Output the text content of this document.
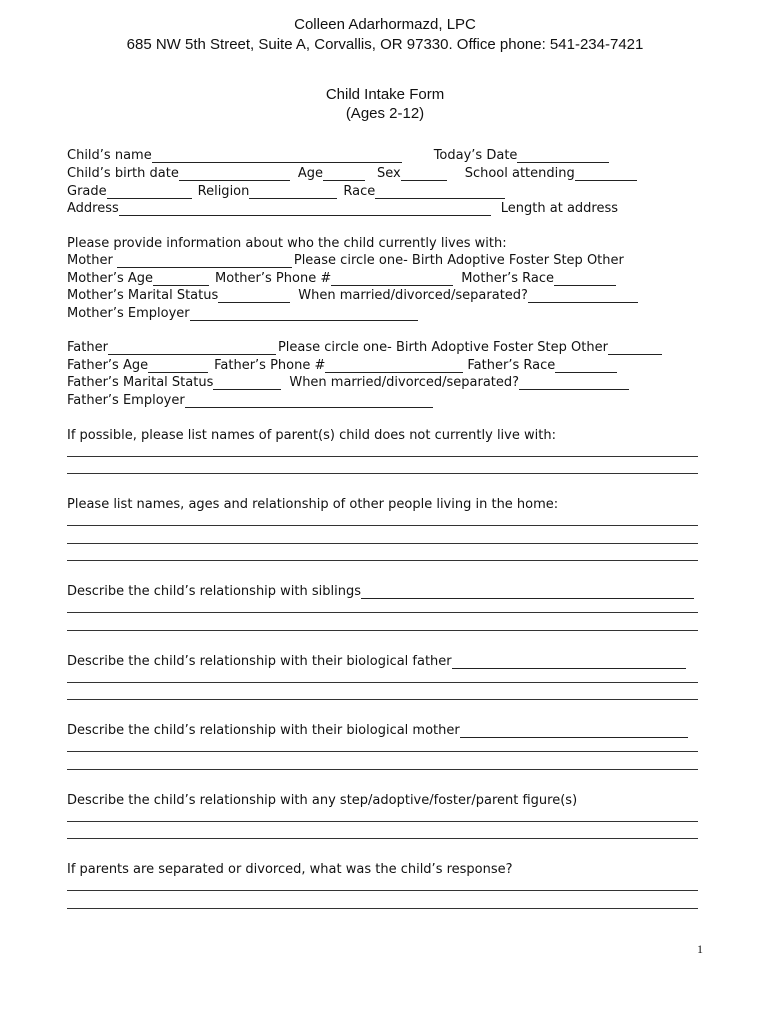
Colleen Adarhormazd, LPC
685 NW 5th Street, Suite A, Corvallis, OR 97330. Office phone: 541-234-7421
Child Intake Form
(Ages 2-12)
Child’s name	Today’s Date
Child’s birth date	Age	Sex	School attending
Grade	Religion	Race
Address	Length at address
Please provide information about who the child currently lives with:
Mother	Please circle one- Birth Adoptive Foster Step Other
Mother’s Age	Mother’s Phone #	Mother’s Race
Mother’s Marital Status	When married/divorced/separated?
Mother’s Employer
Father	Please circle one- Birth Adoptive Foster Step Other
Father’s Age	Father’s Phone #	Father’s Race
Father’s Marital Status	When married/divorced/separated?
Father’s Employer
If possible, please list names of parent(s) child does not currently live with:
Please list names, ages and relationship of other people living in the home:
Describe the child’s relationship with siblings
Describe the child’s relationship with their biological father
Describe the child’s relationship with their biological mother
Describe the child’s relationship with any step/adoptive/foster/parent figure(s)
If parents are separated or divorced, what was the child’s response?
1
